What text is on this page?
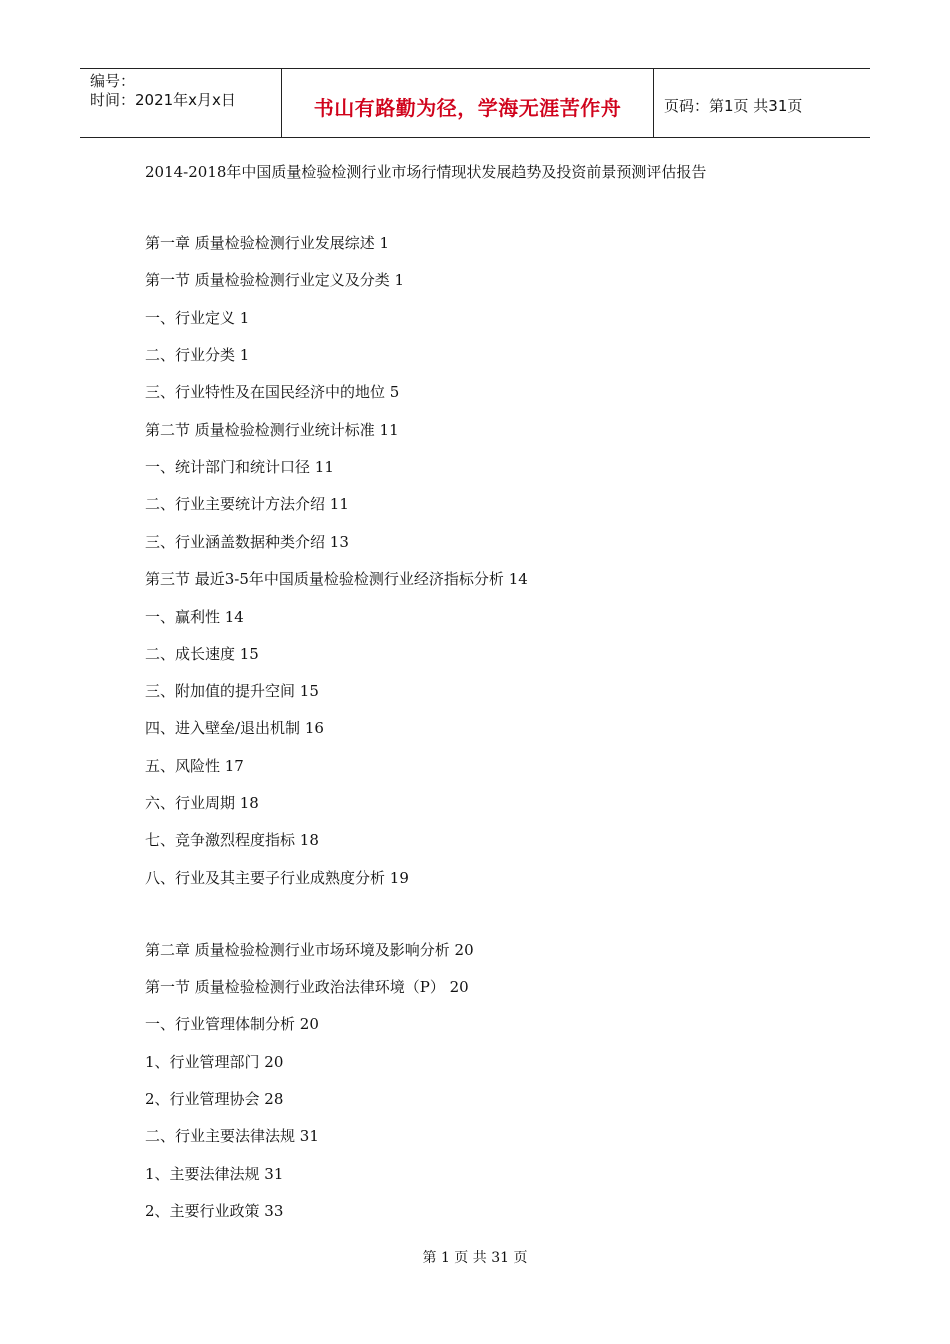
编号：
时间：2021年x月x日	书山有路勤为径，学海无涯苦作舟	页码：第1页 共31页
2014-2018年中国质量检验检测行业市场行情现状发展趋势及投资前景预测评估报告
第一章 质量检验检测行业发展综述 1
第一节 质量检验检测行业定义及分类 1
一、行业定义 1
二、行业分类 1
三、行业特性及在国民经济中的地位 5
第二节 质量检验检测行业统计标准 11
一、统计部门和统计口径 11
二、行业主要统计方法介绍 11
三、行业涵盖数据种类介绍 13
第三节 最近3-5年中国质量检验检测行业经济指标分析 14
一、赢利性 14
二、成长速度 15
三、附加值的提升空间 15
四、进入壁垒/退出机制 16
五、风险性 17
六、行业周期 18
七、竞争激烈程度指标 18
八、行业及其主要子行业成熟度分析 19
第二章 质量检验检测行业市场环境及影响分析 20
第一节 质量检验检测行业政治法律环境（P） 20
一、行业管理体制分析 20
1、行业管理部门 20
2、行业管理协会 28
二、行业主要法律法规 31
1、主要法律法规 31
2、主要行业政策 33
第 1 页 共 31 页
